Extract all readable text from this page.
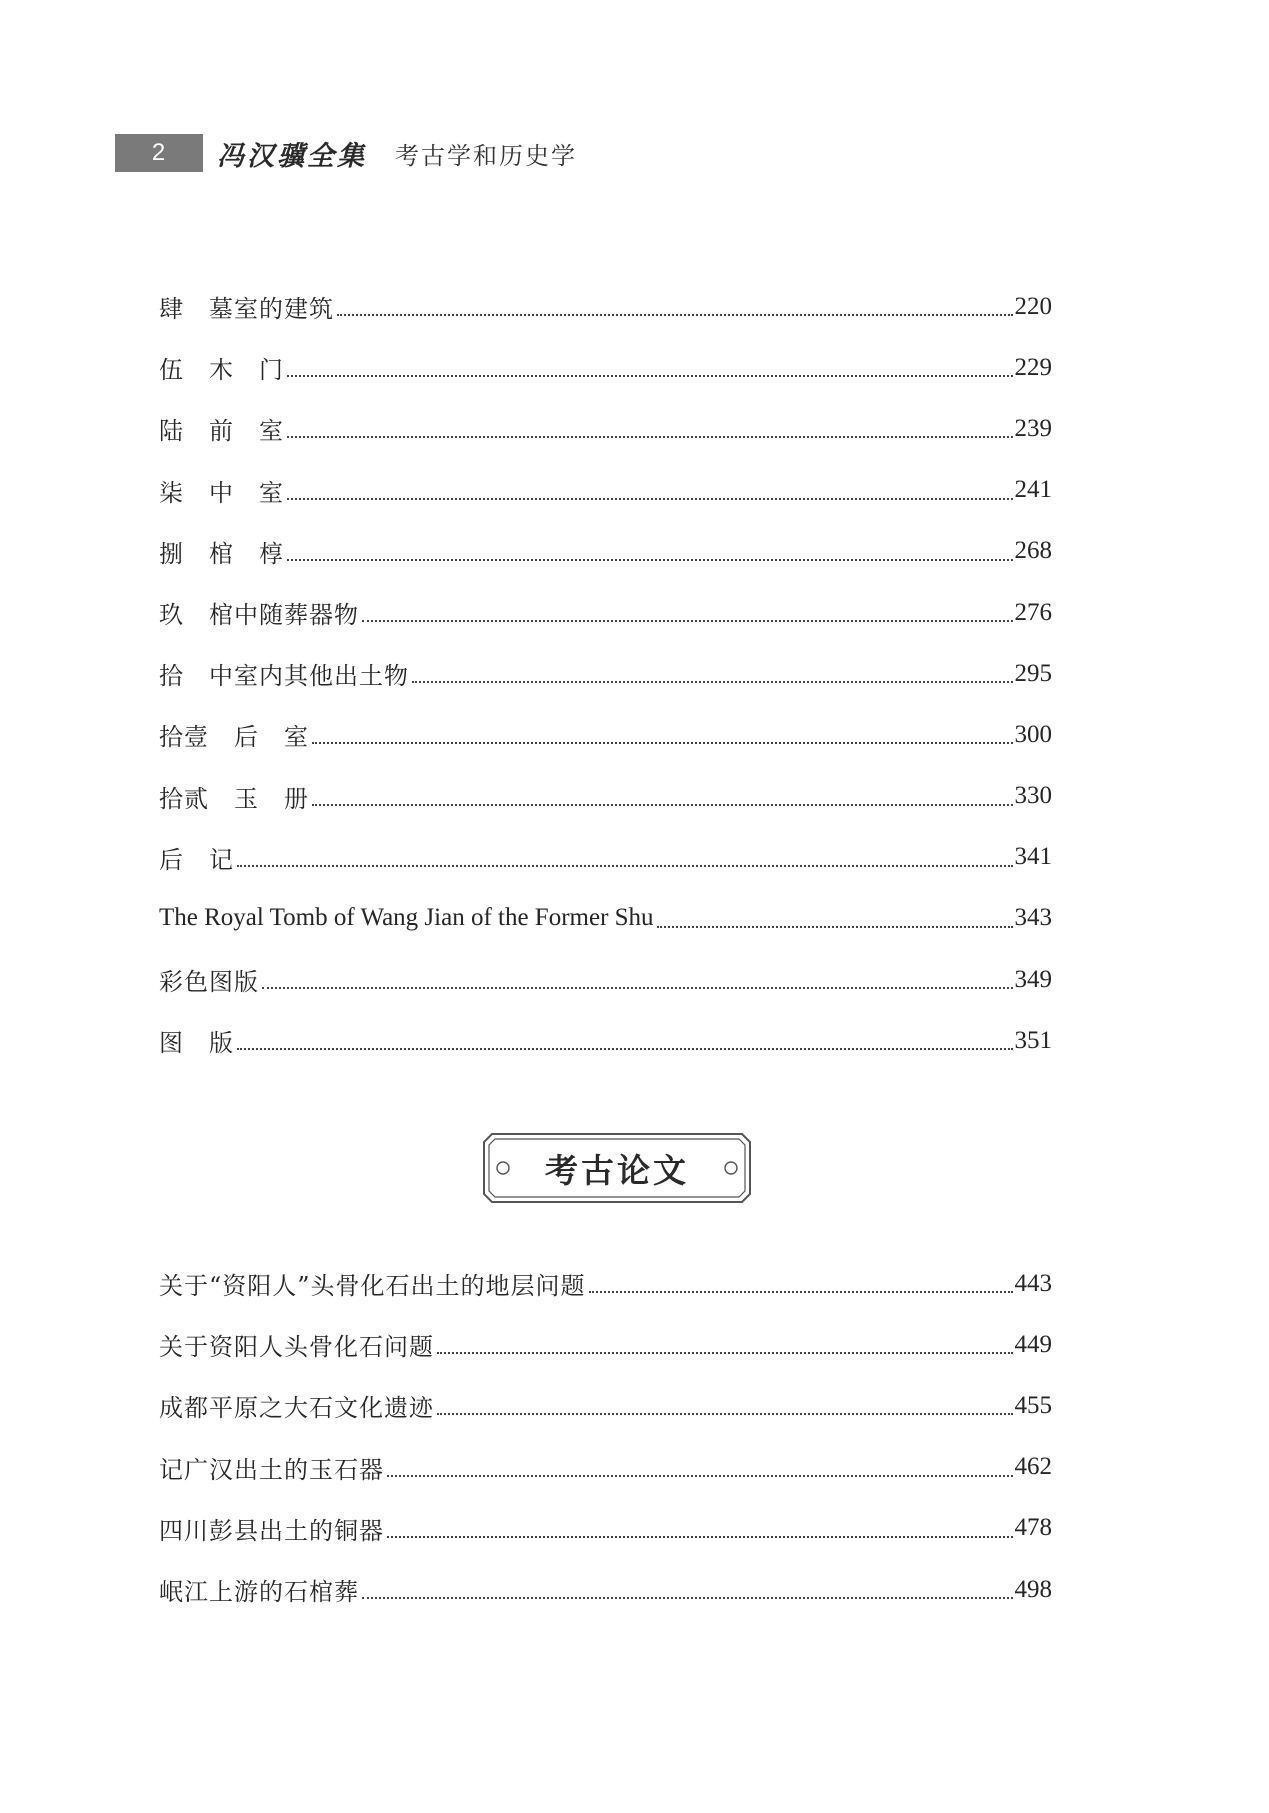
2	冯汉骥全集 考古学和历史学
肆　墓室的建筑	220
伍　木　门	229
陆　前　室	239
柒　中　室	241
捌　棺　椁	268
玖　棺中随葬器物	276
拾　中室内其他出土物	295
拾壹　后　室	300
拾贰　玉　册	330
后　记	341
The Royal Tomb of Wang Jian of the Former Shu	343
彩色图版	349
图　版	351
考古论文
关于“资阳人”头骨化石出土的地层问题	443
关于资阳人头骨化石问题	449
成都平原之大石文化遗迹	455
记广汉出土的玉石器	462
四川彭县出土的铜器	478
岷江上游的石棺葬	498
